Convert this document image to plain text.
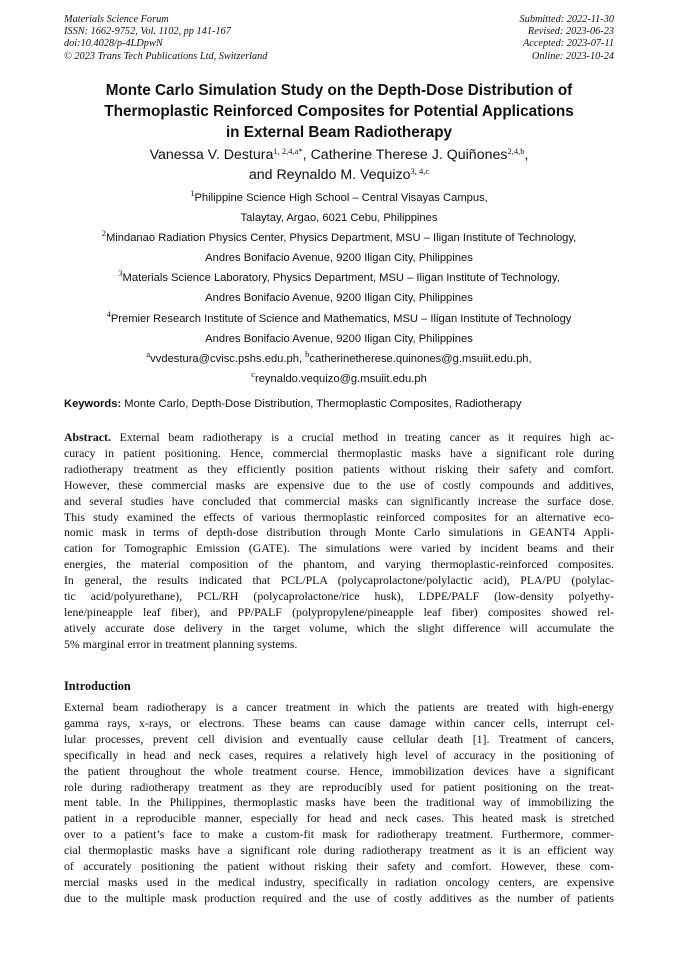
Materials Science Forum
ISSN: 1662-9752, Vol. 1102, pp 141-167
doi:10.4028/p-4LDpwN
© 2023 Trans Tech Publications Ltd, Switzerland
Submitted: 2022-11-30
Revised: 2023-06-23
Accepted: 2023-07-11
Online: 2023-10-24
Monte Carlo Simulation Study on the Depth-Dose Distribution of
Thermoplastic Reinforced Composites for Potential Applications
in External Beam Radiotherapy
Vanessa V. Destura$^{1, 2,4,a*}$, Catherine Therese J. Quiñones$^{2,4,b}$,
and Reynaldo M. Vequizo$^{3, 4,c}$
$^1$Philippine Science High School – Central Visayas Campus,
Talaytay, Argao, 6021 Cebu, Philippines
$^2$Mindanao Radiation Physics Center, Physics Department, MSU – Iligan Institute of Technology,
Andres Bonifacio Avenue, 9200 Iligan City, Philippines
$^3$Materials Science Laboratory, Physics Department, MSU – Iligan Institute of Technology,
Andres Bonifacio Avenue, 9200 Iligan City, Philippines
$^4$Premier Research Institute of Science and Mathematics, MSU – Iligan Institute of Technology
Andres Bonifacio Avenue, 9200 Iligan City, Philippines
$^a$vvdestura@cvisc.pshs.edu.ph, $^b$catherinetherese.quinones@g.msuiit.edu.ph,
$^c$reynaldo.vequizo@g.msuiit.edu.ph
Keywords: Monte Carlo, Depth-Dose Distribution, Thermoplastic Composites, Radiotherapy
Abstract. External beam radiotherapy is a crucial method in treating cancer as it requires high ac-
curacy in patient positioning. Hence, commercial thermoplastic masks have a significant role during
radiotherapy treatment as they efficiently position patients without risking their safety and comfort.
However, these commercial masks are expensive due to the use of costly compounds and additives,
and several studies have concluded that commercial masks can significantly increase the surface dose.
This study examined the effects of various thermoplastic reinforced composites for an alternative eco-
nomic mask in terms of depth-dose distribution through Monte Carlo simulations in GEANT4 Appli-
cation for Tomographic Emission (GATE). The simulations were varied by incident beams and their
energies, the material composition of the phantom, and varying thermoplastic-reinforced composites.
In general, the results indicated that PCL/PLA (polycaprolactone/polylactic acid), PLA/PU (polylac-
tic acid/polyurethane), PCL/RH (polycaprolactone/rice husk), LDPE/PALF (low-density polyethy-
lene/pineapple leaf fiber), and PP/PALF (polypropylene/pineapple leaf fiber) composites showed rel-
atively accurate dose delivery in the target volume, which the slight difference will accumulate the
5% marginal error in treatment planning systems.
Introduction
External beam radiotherapy is a cancer treatment in which the patients are treated with high-energy
gamma rays, x-rays, or electrons. These beams can cause damage within cancer cells, interrupt cel-
lular processes, prevent cell division and eventually cause cellular death [1]. Treatment of cancers,
specifically in head and neck cases, requires a relatively high level of accuracy in the positioning of
the patient throughout the whole treatment course. Hence, immobilization devices have a significant
role during radiotherapy treatment as they are reproducibly used for patient positioning on the treat-
ment table. In the Philippines, thermoplastic masks have been the traditional way of immobilizing the
patient in a reproducible manner, especially for head and neck cases. This heated mask is stretched
over to a patient’s face to make a custom-fit mask for radiotherapy treatment. Furthermore, commer-
cial thermoplastic masks have a significant role during radiotherapy treatment as it is an efficient way
of accurately positioning the patient without risking their safety and comfort. However, these com-
mercial masks used in the medical industry, specifically in radiation oncology centers, are expensive
due to the multiple mask production required and the use of costly additives as the number of patients
